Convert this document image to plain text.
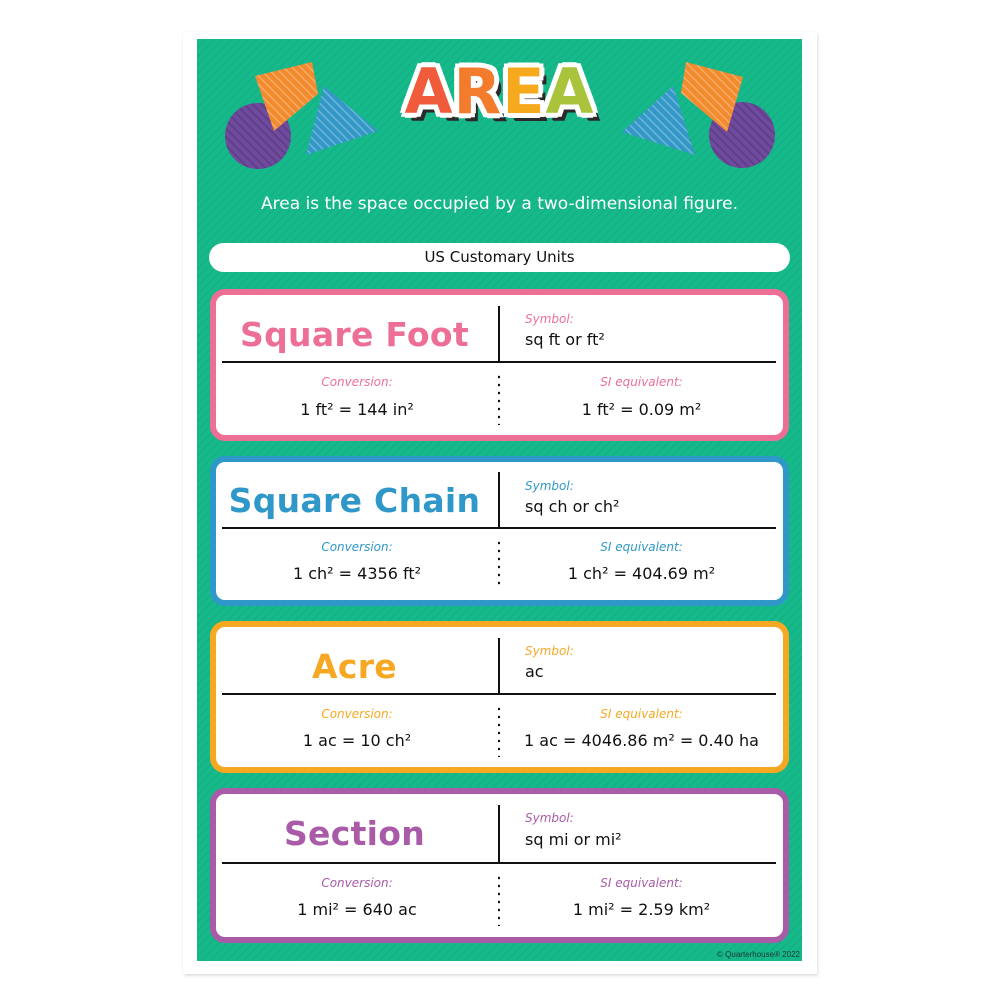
AREA
Area is the space occupied by a two-dimensional figure.
US Customary Units
Square Foot	Symbol:
sq ft or ft²
Conversion:
1 ft² = 144 in²
SI equivalent:
1 ft² = 0.09 m²
Square Chain	Symbol:
sq ch or ch²
Conversion:
1 ch² = 4356 ft²
SI equivalent:
1 ch² = 404.69 m²
Acre	Symbol:
ac
Conversion:
1 ac = 10 ch²
SI equivalent:
1 ac = 4046.86 m² = 0.40 ha
Section	Symbol:
sq mi or mi²
Conversion:
1 mi² = 640 ac
SI equivalent:
1 mi² = 2.59 km²
© Quarterhouse® 2022
